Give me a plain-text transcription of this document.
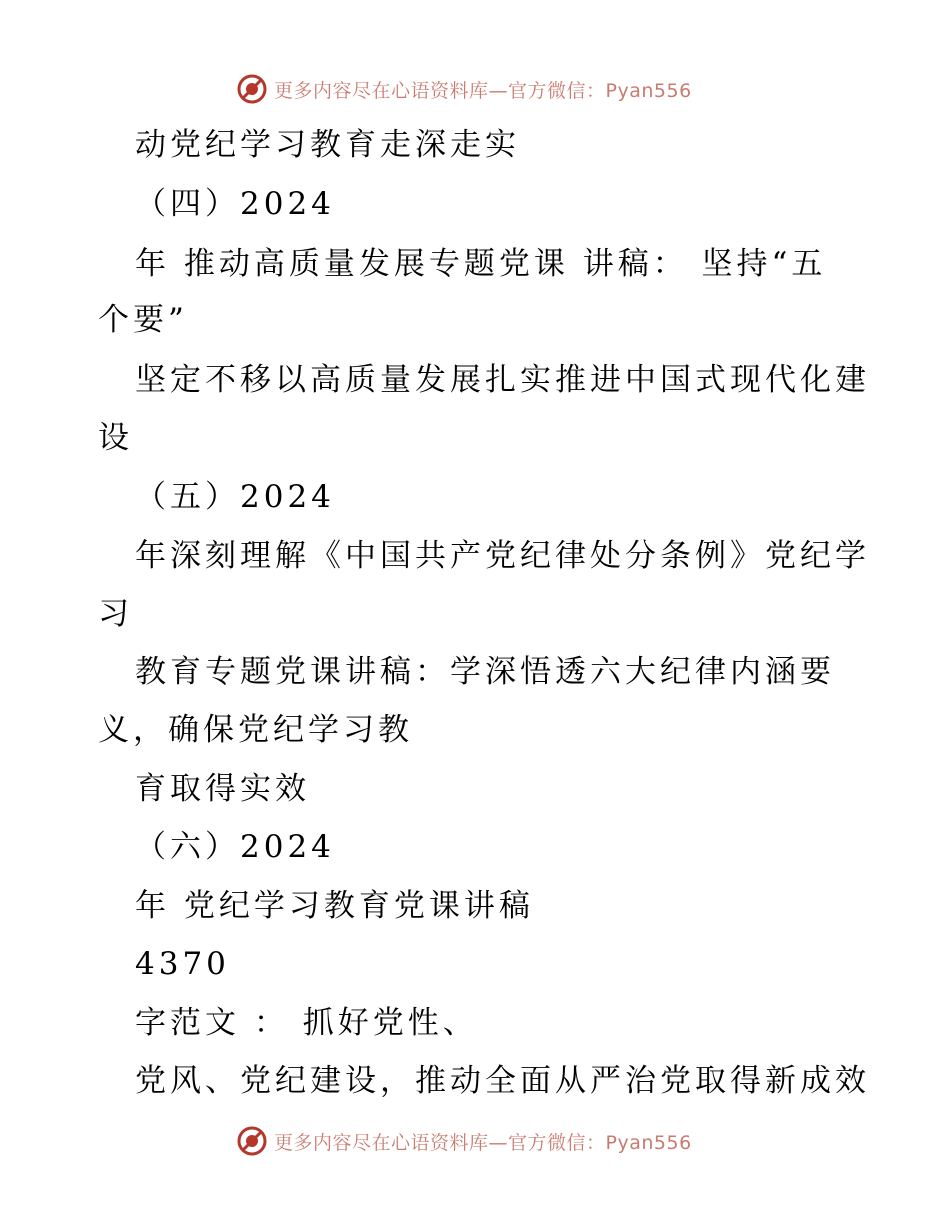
更多内容尽在心语资料库—官方微信：Pyan556
动党纪学习教育走深走实
（四）2024
年 推动高质量发展专题党课 讲稿： 坚持“五
个要”
坚定不移以高质量发展扎实推进中国式现代化建
设
（五）2024
年深刻理解《中国共产党纪律处分条例》党纪学
习
教育专题党课讲稿：学深悟透六大纪律内涵要
义，确保党纪学习教
育取得实效
（六）2024
年 党纪学习教育党课讲稿
4370
字范文 ： 抓好党性、
党风、党纪建设，推动全面从严治党取得新成效
更多内容尽在心语资料库—官方微信：Pyan556
